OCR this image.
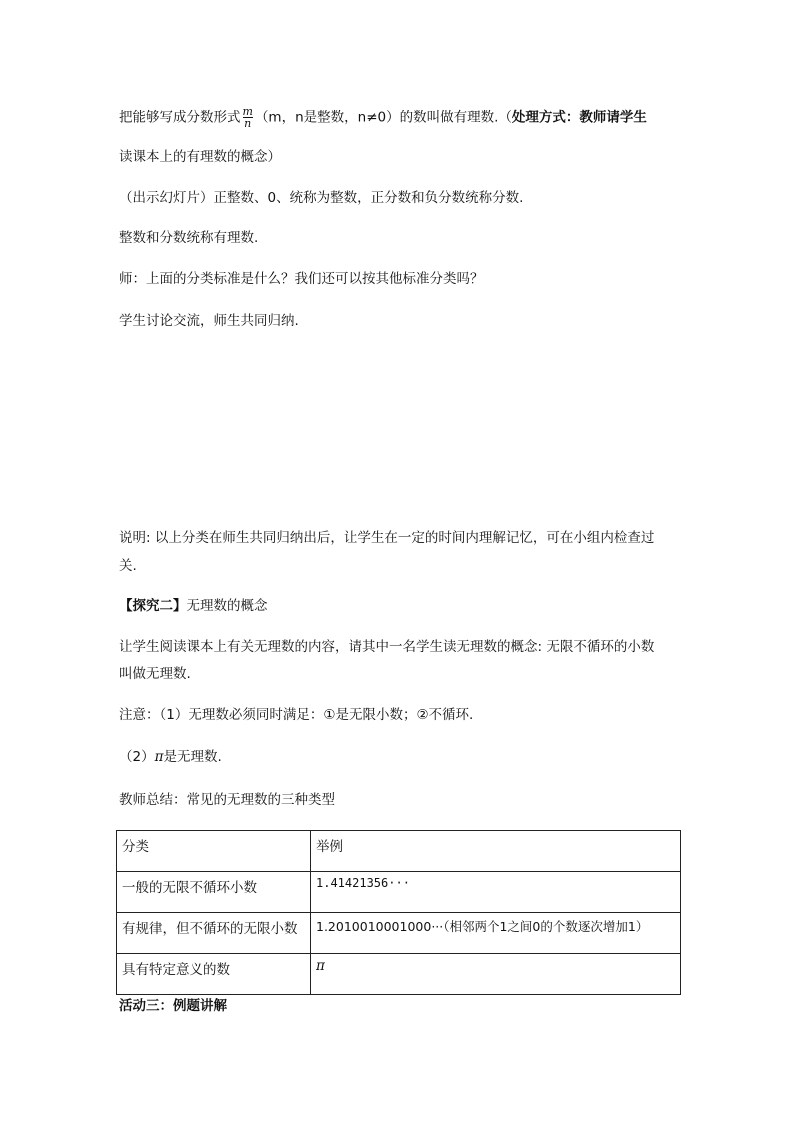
把能够写成分数形式 $\frac{m}{n} (m$，n是整数，n≠0）的数叫做有理数.（处理方式：教师请学生
读课本上的有理数的概念）
（出示幻灯片）正整数、0、统称为整数，正分数和负分数统称分数.
整数和分数统称有理数.
师：上面的分类标准是什么？我们还可以按其他标准分类吗？
学生讨论交流，师生共同归纳.
说明: 以上分类在师生共同归纳出后，让学生在一定的时间内理解记忆，可在小组内检查过
关.
【探究二】无理数的概念
让学生阅读课本上有关无理数的内容，请其中一名学生读无理数的概念: 无限不循环的小数
叫做无理数.
注意：（1）无理数必须同时满足：①是无限小数；②不循环.
（2）π是无理数.
教师总结：常见的无理数的三种类型
分类	举例
一般的无限不循环小数	1.41421356···
有规律，但不循环的无限小数	1.2010010001000···（相邻两个1之间0的个数逐次增加1）
具有特定意义的数	π
活动三：例题讲解
